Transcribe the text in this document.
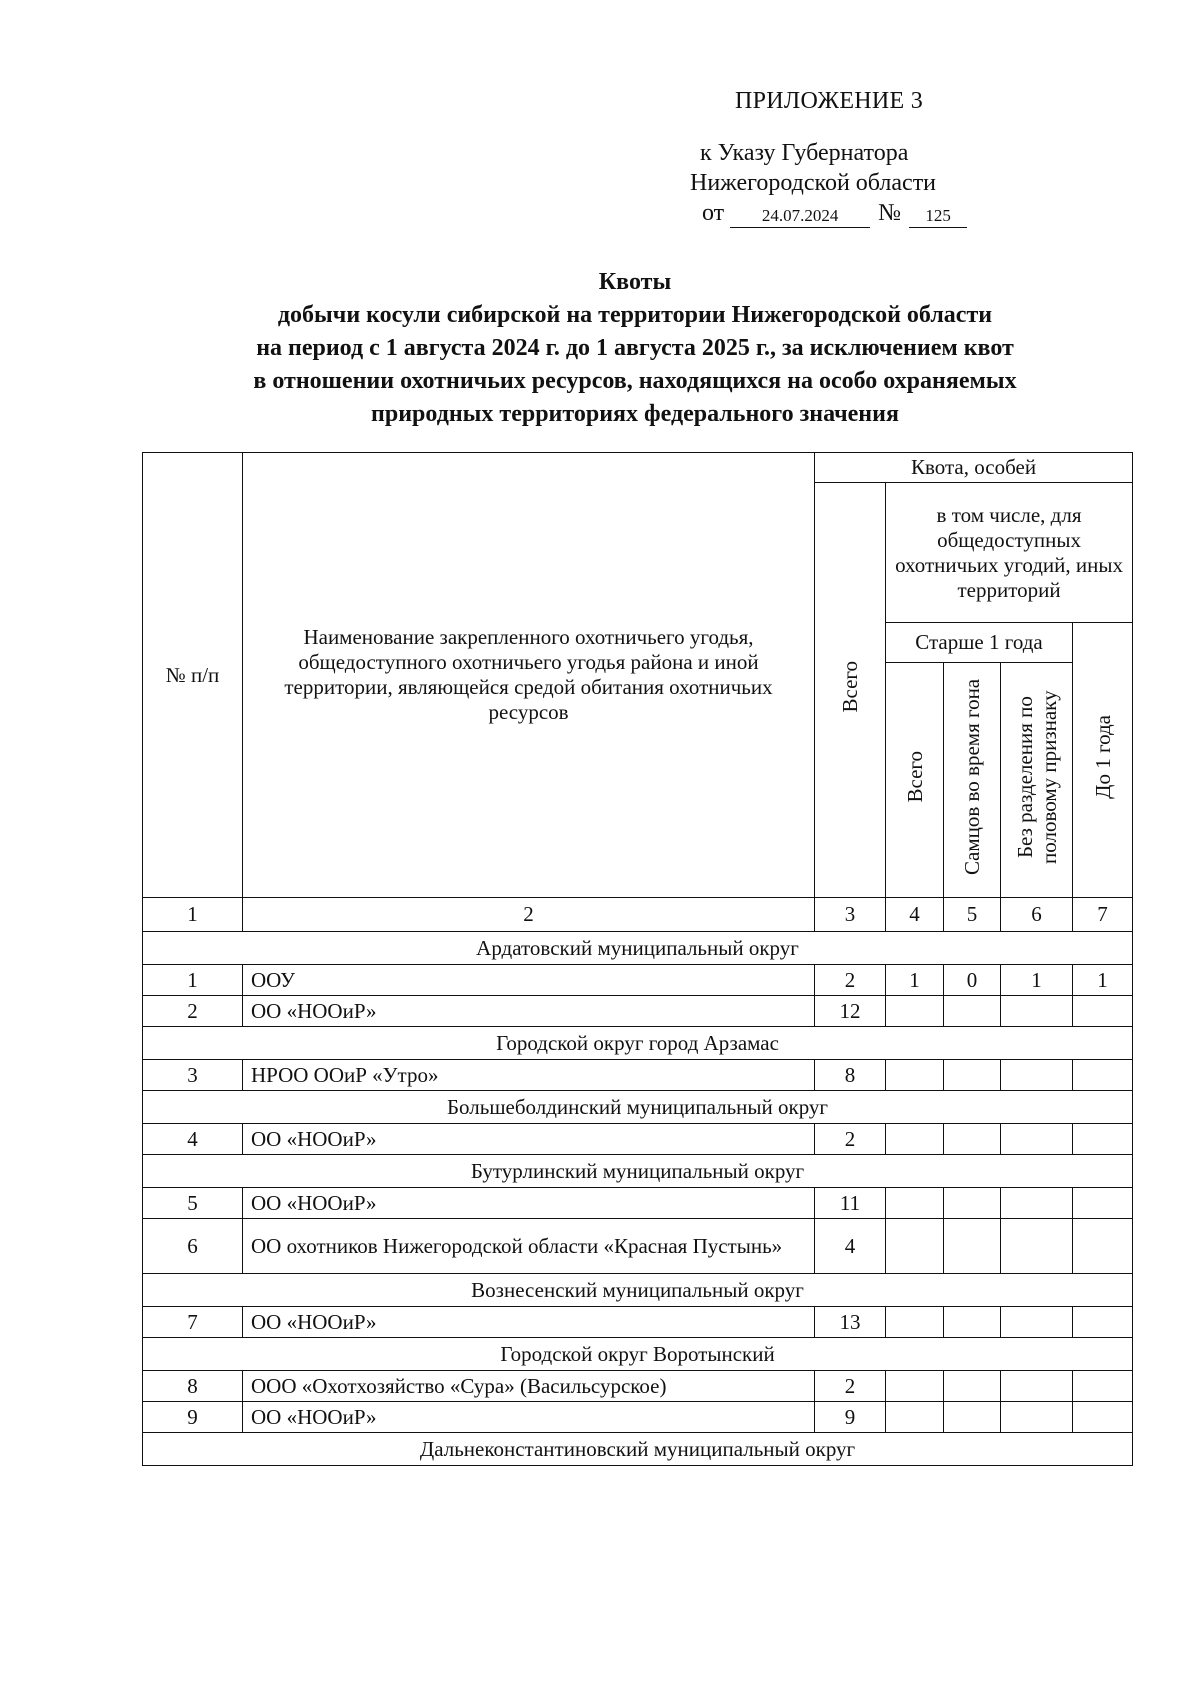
ПРИЛОЖЕНИЕ 3
к Указу Губернатора
Нижегородской области
от	24.07.2024	№	125
Квоты
добычи косули сибирской на территории Нижегородской области
на период с 1 августа 2024 г. до 1 августа 2025 г., за исключением квот
в отношении охотничьих ресурсов, находящихся на особо охраняемых
природных территориях федерального значения
№ п/п	Наименование закрепленного охотничьего угодья, общедоступного охотничьего угодья района и иной территории, являющейся средой обитания охотничьих ресурсов	Квота, особей				
		Всего	в том числе, для общедоступных охотничьих угодий, иных территорий			
			Старше 1 года			До 1 года
			Всего	Самцов во время гона	Без разделения по половому признаку	

1	2	3	4	5	6	7
Ардатовский муниципальный округ						
1	ООУ	2	1	0	1	1
2	ОО «НООиР»	12				
Городской округ город Арзамас						
3	НРОО ООиР «Утро»	8				
Большеболдинский муниципальный округ						
4	ОО «НООиР»	2				
Бутурлинский муниципальный округ						
5	ОО «НООиР»	11				
6	ОО охотников Нижегородской области «Красная Пустынь»	4				
Вознесенский муниципальный округ						
7	ОО «НООиР»	13				
Городской округ Воротынский						
8	ООО «Охотхозяйство «Сура» (Васильсурское)	2				
9	ОО «НООиР»	9				
Дальнеконстантиновский муниципальный округ						
